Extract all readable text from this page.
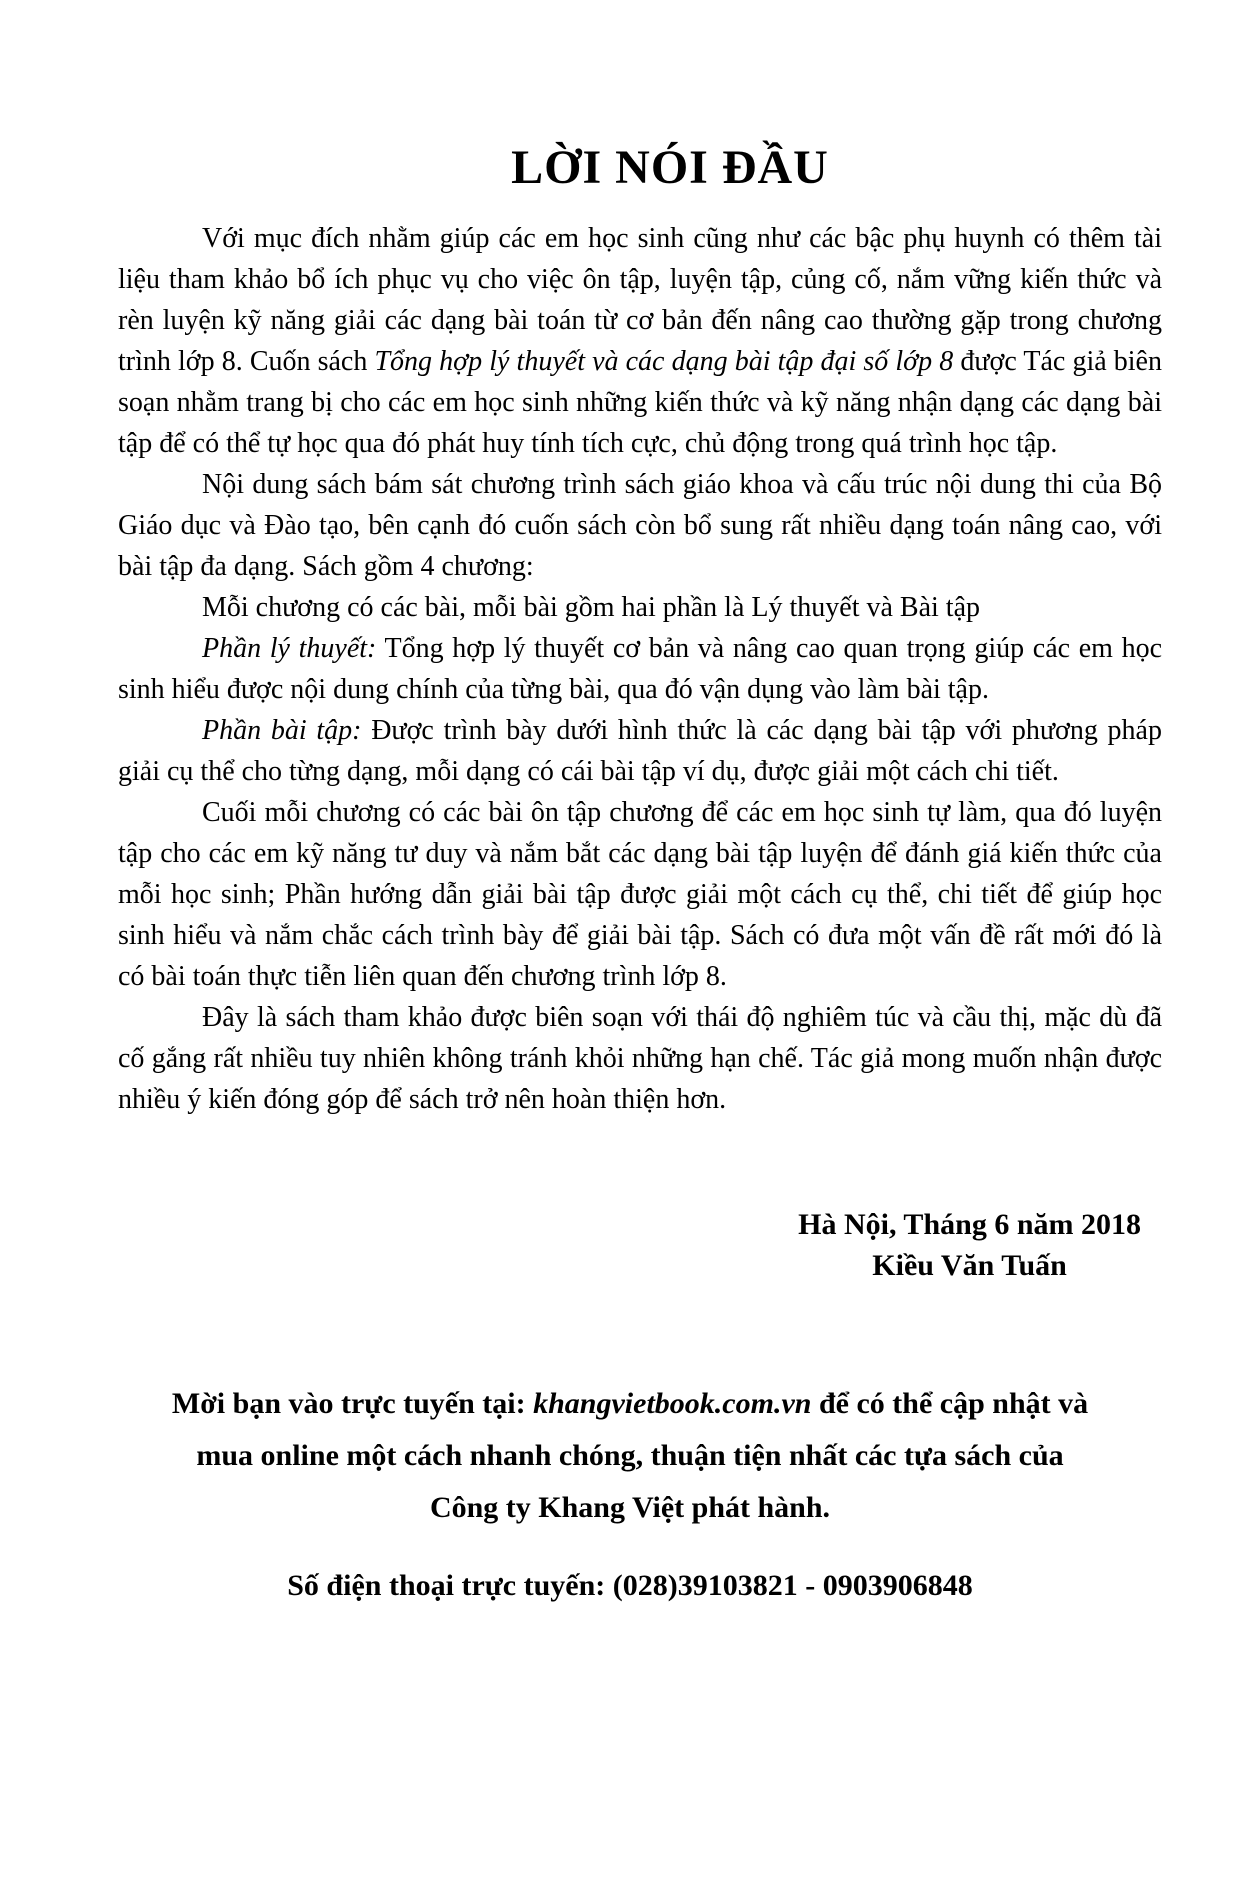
LỜI NÓI ĐẦU

Với mục đích nhằm giúp các em học sinh cũng như các bậc phụ huynh có thêm tài liệu tham khảo bổ ích phục vụ cho việc ôn tập, luyện tập, củng cố, nắm vững kiến thức và rèn luyện kỹ năng giải các dạng bài toán từ cơ bản đến nâng cao thường gặp trong chương trình lớp 8. Cuốn sách Tổng hợp lý thuyết và các dạng bài tập đại số lớp 8 được Tác giả biên soạn nhằm trang bị cho các em học sinh những kiến thức và kỹ năng nhận dạng các dạng bài tập để có thể tự học qua đó phát huy tính tích cực, chủ động trong quá trình học tập.

Nội dung sách bám sát chương trình sách giáo khoa và cấu trúc nội dung thi của Bộ Giáo dục và Đào tạo, bên cạnh đó cuốn sách còn bổ sung rất nhiều dạng toán nâng cao, với bài tập đa dạng. Sách gồm 4 chương:

Mỗi chương có các bài, mỗi bài gồm hai phần là Lý thuyết và Bài tập

Phần lý thuyết: Tổng hợp lý thuyết cơ bản và nâng cao quan trọng giúp các em học sinh hiểu được nội dung chính của từng bài, qua đó vận dụng vào làm bài tập.

Phần bài tập: Được trình bày dưới hình thức là các dạng bài tập với phương pháp giải cụ thể cho từng dạng, mỗi dạng có cái bài tập ví dụ, được giải một cách chi tiết.

Cuối mỗi chương có các bài ôn tập chương để các em học sinh tự làm, qua đó luyện tập cho các em kỹ năng tư duy và nắm bắt các dạng bài tập luyện để đánh giá kiến thức của mỗi học sinh; Phần hướng dẫn giải bài tập được giải một cách cụ thể, chi tiết để giúp học sinh hiểu và nắm chắc cách trình bày để giải bài tập. Sách có đưa một vấn đề rất mới đó là có bài toán thực tiễn liên quan đến chương trình lớp 8.

Đây là sách tham khảo được biên soạn với thái độ nghiêm túc và cầu thị, mặc dù đã cố gắng rất nhiều tuy nhiên không tránh khỏi những hạn chế. Tác giả mong muốn nhận được nhiều ý kiến đóng góp để sách trở nên hoàn thiện hơn.

Hà Nội, Tháng 6 năm 2018
Kiều Văn Tuấn
Mời bạn vào trực tuyến tại: khangvietbook.com.vn để có thể cập nhật và
mua online một cách nhanh chóng, thuận tiện nhất các tựa sách của
Công ty Khang Việt phát hành.
Số điện thoại trực tuyến: (028)39103821 - 0903906848
